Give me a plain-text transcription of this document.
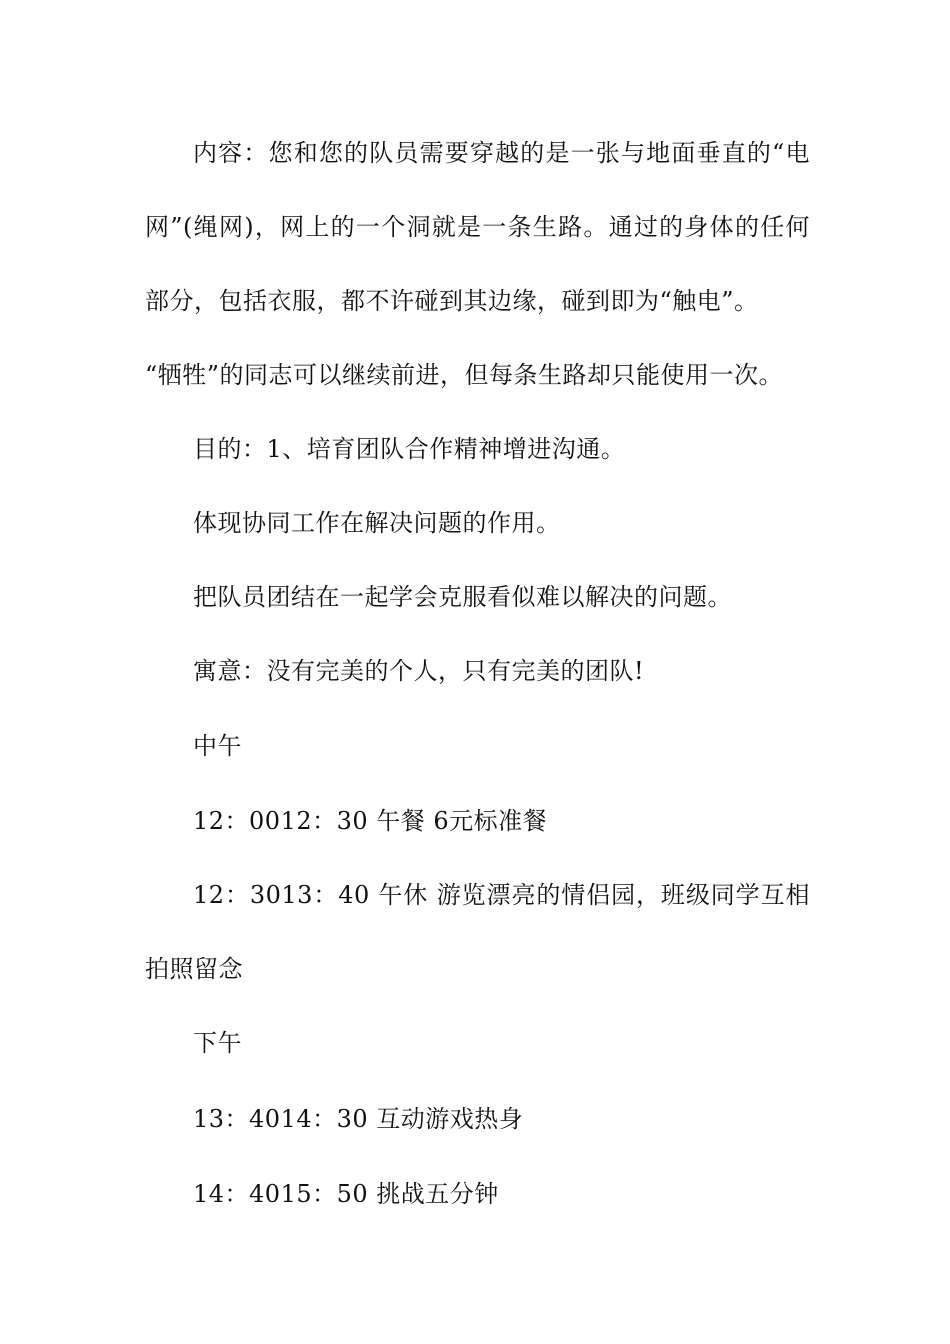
内容：您和您的队员需要穿越的是一张与地面垂直的“电网”(绳网)，网上的一个洞就是一条生路。通过的身体的任何部分，包括衣服，都不许碰到其边缘，碰到即为“触电”。

“牺牲”的同志可以继续前进，但每条生路却只能使用一次。

目的：1、培育团队合作精神增进沟通。

体现协同工作在解决问题的作用。

把队员团结在一起学会克服看似难以解决的问题。

寓意：没有完美的个人，只有完美的团队!

中午

12：0012：30 午餐 6元标准餐

12：3013：40 午休 游览漂亮的情侣园，班级同学互相拍照留念

下午

13：4014：30 互动游戏热身

14：4015：50 挑战五分钟
